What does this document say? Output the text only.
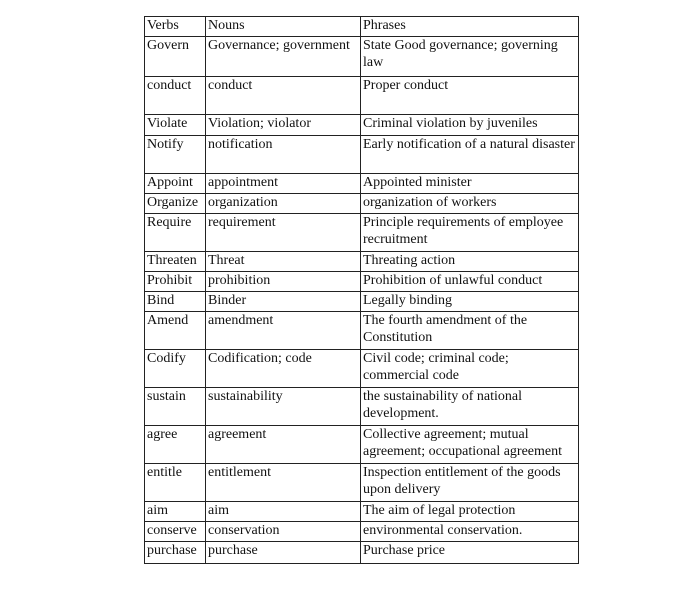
Verbs	Nouns	Phrases
Govern	Governance; government	State Good governance; governing law
conduct	conduct	Proper conduct
Violate	Violation; violator	Criminal violation by juveniles
Notify	notification	Early notification of a natural disaster
Appoint	appointment	Appointed minister
Organize	organization	organization of workers
Require	requirement	Principle requirements of employee recruitment
Threaten	Threat	Threating action
Prohibit	prohibition	Prohibition of unlawful conduct
Bind	Binder	Legally binding
Amend	amendment	The fourth amendment of the Constitution
Codify	Codification; code	Civil code; criminal code; commercial code
sustain	sustainability	the sustainability of national development.
agree	agreement	Collective agreement; mutual agreement; occupational agreement
entitle	entitlement	Inspection entitlement of the goods upon delivery
aim	aim	The aim of legal protection
conserve	conservation	environmental conservation.
purchase	purchase	Purchase price
